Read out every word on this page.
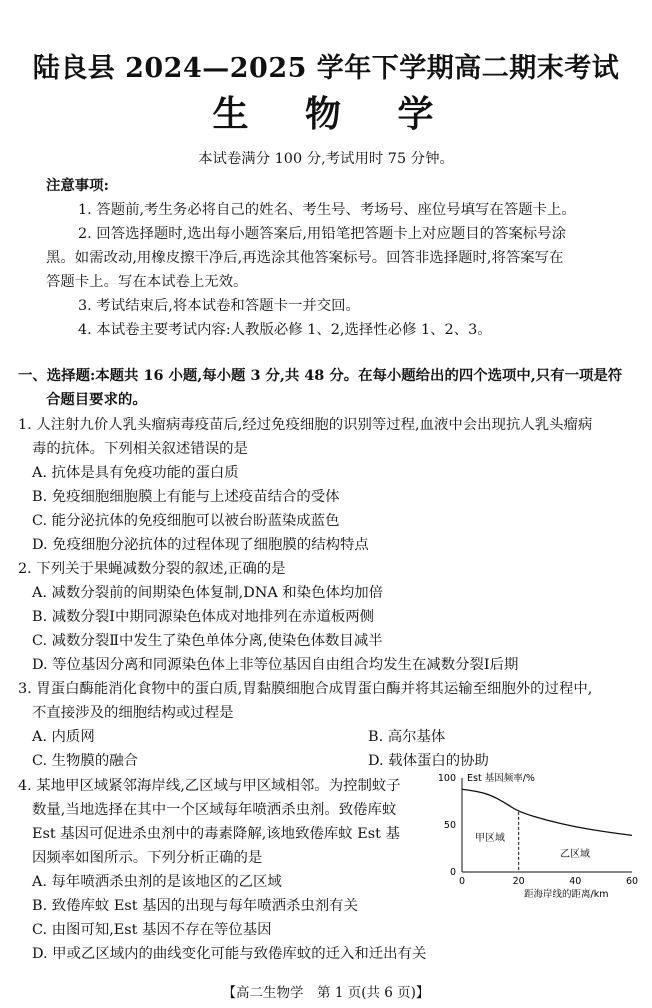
陆良县 2024—2025 学年下学期高二期末考试
生 物 学
本试卷满分 100 分,考试用时 75 分钟。
注意事项:
1. 答题前,考生务必将自己的姓名、考生号、考场号、座位号填写在答题卡上。
2. 回答选择题时,选出每小题答案后,用铅笔把答题卡上对应题目的答案标号涂
黑。如需改动,用橡皮擦干净后,再选涂其他答案标号。回答非选择题时,将答案写在
答题卡上。写在本试卷上无效。
3. 考试结束后,将本试卷和答题卡一并交回。
4. 本试卷主要考试内容:人教版必修 1、2,选择性必修 1、2、3。
一、选择题:本题共 16 小题,每小题 3 分,共 48 分。在每小题给出的四个选项中,只有一项是符
合题目要求的。
1. 人注射九价人乳头瘤病毒疫苗后,经过免疫细胞的识别等过程,血液中会出现抗人乳头瘤病
毒的抗体。下列相关叙述错误的是
A. 抗体是具有免疫功能的蛋白质
B. 免疫细胞细胞膜上有能与上述疫苗结合的受体
C. 能分泌抗体的免疫细胞可以被台盼蓝染成蓝色
D. 免疫细胞分泌抗体的过程体现了细胞膜的结构特点
2. 下列关于果蝇减数分裂的叙述,正确的是
A. 减数分裂前的间期染色体复制,DNA 和染色体均加倍
B. 减数分裂Ⅰ中期同源染色体成对地排列在赤道板两侧
C. 减数分裂Ⅱ中发生了染色单体分离,使染色体数目减半
D. 等位基因分离和同源染色体上非等位基因自由组合均发生在减数分裂Ⅰ后期
3. 胃蛋白酶能消化食物中的蛋白质,胃黏膜细胞合成胃蛋白酶并将其运输至细胞外的过程中,
不直接涉及的细胞结构或过程是
A. 内质网	B. 高尔基体
C. 生物膜的融合	D. 载体蛋白的协助
4. 某地甲区域紧邻海岸线,乙区域与甲区域相邻。为控制蚊子
数量,当地选择在其中一个区域每年喷洒杀虫剂。致倦库蚊
Est 基因可促进杀虫剂中的毒素降解,该地致倦库蚊 Est 基
因频率如图所示。下列分析正确的是
A. 每年喷洒杀虫剂的是该地区的乙区域
B. 致倦库蚊 Est 基因的出现与每年喷洒杀虫剂有关
C. 由图可知,Est 基因不存在等位基因
D. 甲或乙区域内的曲线变化可能与致倦库蚊的迁入和迁出有关
Est 基因频率/%
距海岸线的距离/km
0	20	40	60
0
50
100
甲区域
乙区域
【高二生物学　第 1 页(共 6 页)】
